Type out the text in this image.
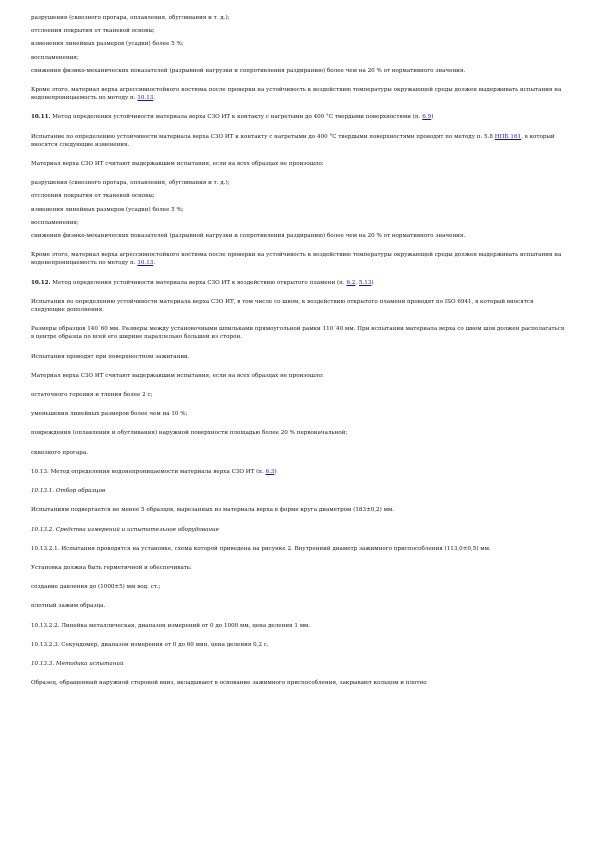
разрушения (сквозного прогара, оплавления, обугливания и т. д.);

отслоения покрытия от тканевой основы;

изменения линейных размеров (усадки) более 5 %;

воспламенения;

снижения физико-механических показателей (разрывной нагрузки и сопротивления раздиранию) более чем на 20 % от нормативного значения.

Кроме этого, материал верха агрессивностойкого костюма после проверки на устойчивость к воздействию температуры окружающей среды должен выдерживать испытания на водонепроницаемость по методу п. 10.13.

10.11. Метод определения устойчивости материала верха СЗО ИТ к контакту с нагретыми до 400 °С твердыми поверхностями (п. 6.9)

Испытание по определению устойчивости материала верха СЗО ИТ к контакту с нагретыми до 400 °С твердыми поверхностями проводят по методу п. 5.8 НПБ 161, в который вносятся следующие изменения.

Материал верха СЗО ИТ считают выдержавшим испытания, если на всех образцах не произошло:

разрушения (сквозного прогара, оплавления, обугливания и т. д.);

отслоения покрытия от тканевой основы;

изменения линейных размеров (усадки) более 5 %;

воспламенения;

снижения физико-механических показателей (разрывной нагрузки и сопротивления раздиранию) более чем на 20 % от нормативного значения.

Кроме этого, материал верха агрессивностойкого костюма после проверки на устойчивость к воздействию температуры окружающей среды должен выдерживать испытания на водонепроницаемость по методу п. 10.13.

10.12. Метод определения устойчивости материала верха СЗО ИТ к воздействию открытого пламени (п. 6.2, 5.13)

Испытания по определению устойчивости материала верха СЗО ИТ, в том числе со швом, к воздействию открытого пламени проводят по ISO 6941, в который вносятся следующие дополнения.

Размеры образцов 140´60 мм. Размеры между установочными шпильками прямоугольной рамки 110´40 мм. При испытании материала верха со швом шов должен располагаться в центре образца по всей его ширине параллельно большей из сторон.

Испытания проводят при поверхностном зажигании.

Материал верха СЗО ИТ считают выдержавшим испытания, если на всех образцах не произошло:

остаточного горения и тления более 2 с;

уменьшения линейных размеров более чем на 10 %;

повреждения (оплавления и обугливания) наружной поверхности площадью более 20 % первоначальной;

сквозного прогара.

10.13. Метод определения водонепроницаемости материала верха СЗО ИТ (п. 6.3)

10.13.1. Отбор образцов

Испытаниям подвергается не менее 5 образцов, вырезанных из материала верха в форме круга диаметром (183±0,2) мм.

10.13.2. Средства измерений и испытательное оборудование

10.13.2.1. Испытания проводятся на установке, схема которой приведена на рисунке 2. Внутренний диаметр зажимного приспособления (113,0±0,5) мм.

Установка должна быть герметичной и обеспечивать:

создание давления до (1000±5) мм вод. ст.;

плотный зажим образца.

10.13.2.2. Линейка металлическая, диапазон измерений от 0 до 1000 мм, цена деления 1 мм.

10.13.2.3. Секундомер, диапазон измерения от 0 до 60 мин, цена деления 0,2 с.

10.13.3. Методика испытаний

Образец, обращенный наружной стороной вниз, вкладывают в основание зажимного приспособления, закрывают кольцом и плотно
